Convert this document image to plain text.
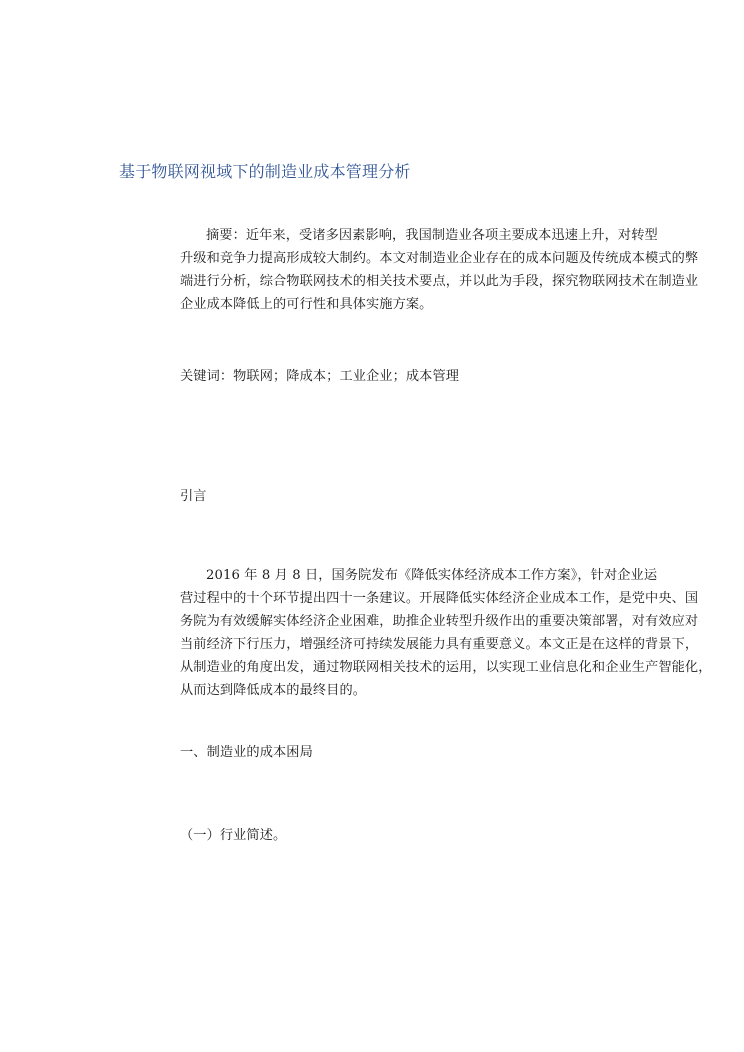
基于物联网视域下的制造业成本管理分析
摘要：近年来，受诸多因素影响，我国制造业各项主要成本迅速上升，对转型
升级和竞争力提高形成较大制约。本文对制造业企业存在的成本问题及传统成本模式的弊
端进行分析，综合物联网技术的相关技术要点，并以此为手段，探究物联网技术在制造业
企业成本降低上的可行性和具体实施方案。
关键词：物联网；降成本；工业企业；成本管理
引言
2016 年 8 月 8 日，国务院发布《降低实体经济成本工作方案》，针对企业运
营过程中的十个环节提出四十一条建议。开展降低实体经济企业成本工作，是党中央、国
务院为有效缓解实体经济企业困难，助推企业转型升级作出的重要决策部署，对有效应对
当前经济下行压力，增强经济可持续发展能力具有重要意义。本文正是在这样的背景下，
从制造业的角度出发，通过物联网相关技术的运用，以实现工业信息化和企业生产智能化，
从而达到降低成本的最终目的。
一、制造业的成本困局
（一）行业简述。
